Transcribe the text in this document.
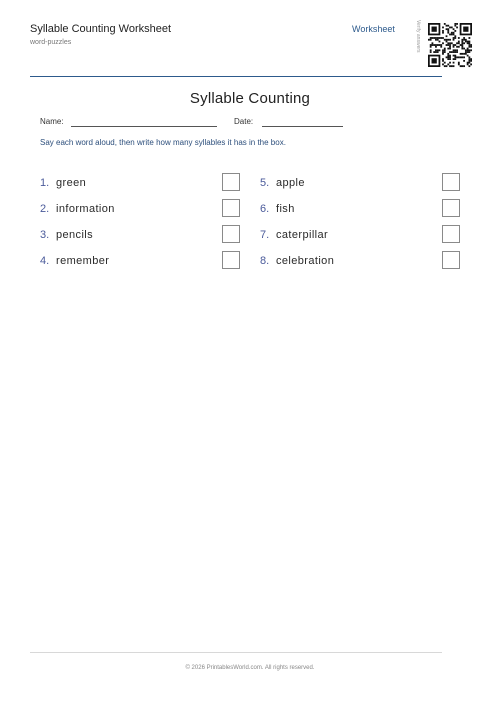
Syllable Counting Worksheet
word-puzzles
Worksheet	Verify answers
Syllable Counting
Name:	Date:
Say each word aloud, then write how many syllables it has in the box.
1. green
2. information
3. pencils
4. remember
5. apple
6. fish
7. caterpillar
8. celebration
© 2026 PrintablesWorld.com. All rights reserved.
